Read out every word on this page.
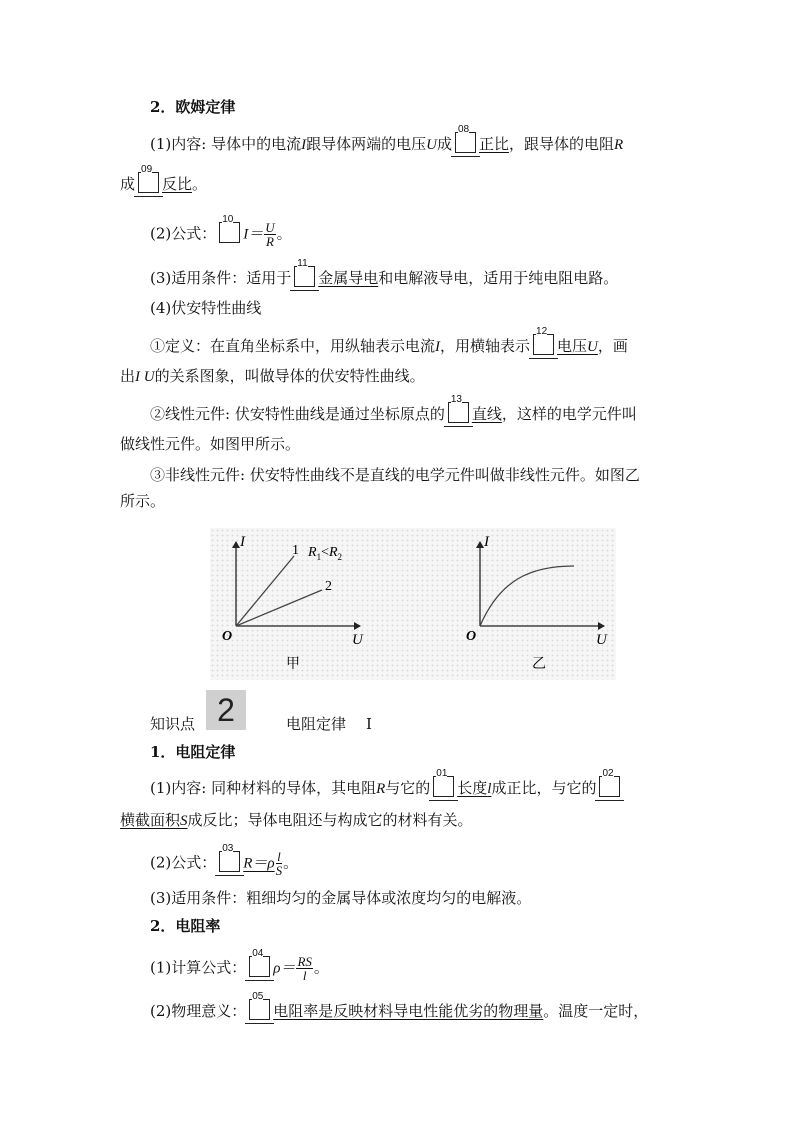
2．欧姆定律
(1)内容: 导体中的电流I跟导体两端的电压U成
08
正比，跟导体的电阻R
成
09
反比。
(2)公式：
10
$I= \frac{U}{R}$ 。
(3)适用条件：适用于
11
金属导电和电解液导电，适用于纯电阻电路。
(4)伏安特性曲线
①定义：在直角坐标系中，用纵轴表示电流I，用横轴表示
12
电压U，画
出I U的关系图象，叫做导体的伏安特性曲线。
②线性元件: 伏安特性曲线是通过坐标原点的
13
直线，这样的电学元件叫
做线性元件。如图甲所示。
③非线性元件: 伏安特性曲线不是直线的电学元件叫做非线性元件。如图乙
所示。
I
U
O
1
2
$R_1<R_2$
甲
I
U
O
乙
知识点 2	电阻定律 Ⅰ
1．电阻定律
(1)内容: 同种材料的导体，其电阻R与它的
01
长度l成正比，与它的
02
横截面积S成反比；导体电阻还与构成它的材料有关。
(2)公式：
03
$R=\rho \frac{l}{S}$ 。
(3)适用条件：粗细均匀的金属导体或浓度均匀的电解液。
2．电阻率
(1)计算公式：
04
$\rho= \frac{RS}{l}$ 。
(2)物理意义：
05
电阻率是反映材料导电性能优劣的物理量。温度一定时，
